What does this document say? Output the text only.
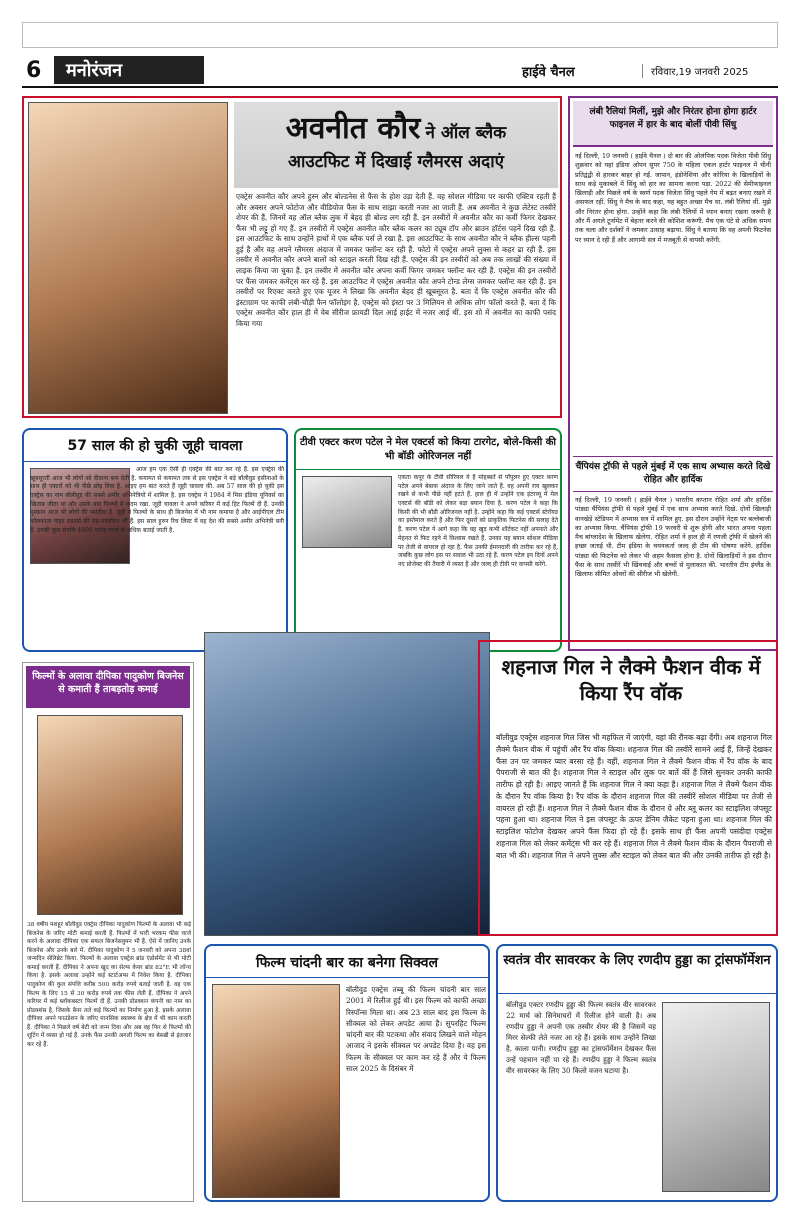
6	मनोरंजन	हाईवे चैनल	रविवार,19 जनवरी 2025
अवनीत कौर ने ऑल ब्लैक
आउटफिट में दिखाई ग्लैमरस अदाएं
एक्ट्रेस अवनीत कौर अपने हुस्न और बोल्डनेस से फैंस के होश उड़ा देती हैं. वह सोशल मीडिया पर काफी एक्टिव रहती हैं और अक्सर अपने फोटोज और वीडियोज फैंस के साथ साझा करती नजर आ जाती हैं. अब अवनीत ने कुछ लेटेस्ट तस्वीरें शेयर की हैं, जिनमें वह ऑल ब्लैक लुक में बेहद ही बोल्ड लग रही हैं. इन तस्वीरों में अवनीत कौर का कर्वी फिगर देखकर फैंस भी लट्टू हो गए हैं. इन तस्वीरों में एक्ट्रेस अवनीत कौर ब्लैक कलर का ट्यूब टॉप और ब्राउन हॉर्टस पहनें दिख रही हैं. इस आउटफिट के साथ उन्होंने हाथों में एक ब्लैक पर्स ले रखा है. इस आउटफिट के साथ अवनीत कौर ने ब्लैक हील्स पहनी हुई है और वह अपने ग्लैमरस अंदाज में जमकर फ्लॉन्ट कर रही हैं. फोटो में एक्ट्रेस अपने लुक्स से कहर ढा रही हैं. इस तस्वीर में अवनीत कौर अपने बालों को स्टाइल करती दिख रही हैं. एक्ट्रेस की इन तस्वीरों को अब तक लाखों की संख्या में लाइक किया जा चुका है. इन तस्वीर में अवनीत कौर अपना कर्वी फिगर जमकर फ्लॉन्ट कर रही हैं. एक्ट्रेस की इन तस्वीरों पर फैंस जमकर कमेंट्स कर रहे हैं. इस आउटफिट में एक्ट्रेस अवनीत कौर अपने टोन्ड लेग्स जमकर फ्लॉन्ट कर रही हैं. इन तस्वीरों पर रिएक्ट करते हुए एक यूजर ने लिखा कि अवनीत बेहद ही खूबसूरत है. बता दें कि एक्ट्रेस अवनीत कौर की इंस्टाग्राम पर काफी लंबी-चौड़ी फैन फॉलोइंग है. एक्ट्रेस को इंस्टा पर 3 मिलियन से अधिक लोग फॉलो करते हैं. बता दें कि एक्ट्रेस अवनीत कौर हाल ही में वेब सीरीज फ्रायडी दिल आई हाईट में नजर आई थीं. इस शो में अवनीत का काफी पसंद किया गया
लंबी रैलियां मिलीं, मुझे और निरंतर होना होगा हार्टर फाइनल में हार के बाद बोलीं पीवी सिंधु
नई दिल्ली, 19 जनवरी ( हाईवे चैनल ) दो बार की ओलंपिक पदक विजेता पीवी सिंधु शुक्रवार को यहां इंडिया ओपन सुपर 750 के महिला एकल हार्टर फाइनल में चीनी प्रतिद्वंद्वी से हारकर बाहर हो गईं. जापान, इंडोनेशिया और कोरिया के खिलाड़ियों के साथ कड़े मुकाबले में सिंधु को हार का सामना करना पड़ा. 2022 की सेमीफाइनल खिलाड़ी और पिछले वर्ष के स्वर्ण पदक विजेता सिंधु पहले गेम में बढ़त बनाए रखने में असफल रहीं. सिंधु ने मैच के बाद कहा, यह बहुत अच्छा मैच था. लंबी रैलियां थीं. मुझे और निरंतर होना होगा. उन्होंने कहा कि लंबी रैलियों में ध्यान बनाए रखना जरूरी है और मैं अगले टूर्नामेंट में बेहतर करने की कोशिश करूंगी. मैच एक घंटे से अधिक समय तक चला और दर्शकों ने जमकर उत्साह बढ़ाया. सिंधु ने बताया कि वह अपनी फिटनेस पर ध्यान दे रही हैं और आगामी सत्र में मजबूती से वापसी करेंगी.
चैंपियंस ट्रॉफी से पहले मुंबई में एक साथ अभ्यास करते दिखे रोहित और हार्दिक
नई दिल्ली, 19 जनवरी ( हाईवे चैनल ) भारतीय कप्तान रोहित शर्मा और हार्दिक पांड्या चैंपियंस ट्रॉफी से पहले मुंबई में एक साथ अभ्यास करते दिखे. दोनों खिलाड़ी वानखेड़े स्टेडियम में अभ्यास सत्र में शामिल हुए. इस दौरान उन्होंने नेट्स पर बल्लेबाजी का अभ्यास किया. चैंपियंस ट्रॉफी 19 फरवरी से शुरू होगी और भारत अपना पहला मैच बांग्लादेश के खिलाफ खेलेगा. रोहित शर्मा ने हाल ही में रणजी ट्रॉफी में खेलने की इच्छा जताई थी. टीम इंडिया के चयनकर्ता जल्द ही टीम की घोषणा करेंगे. हार्दिक पांड्या की फिटनेस को लेकर भी अहम फैसला होना है. दोनों खिलाड़ियों ने इस दौरान फैंस के साथ तस्वीरें भी खिंचवाईं और बच्चों से मुलाकात की. भारतीय टीम इंग्लैंड के खिलाफ सीमित ओवरों की सीरीज भी खेलेगी.
57 साल की हो चुकी जूही चावला
आज हम एक ऐसी ही एक्ट्रेस की बात कर रहे हैं. इस एक्ट्रेस की खूबसूरती आज भी लोगों को दीवाना बना देती है. कयामत से कयामत तक से इस एक्ट्रेस ने बड़े बॉलीवुड हसीनाओं के साथ ही एक्टरों को भी पीछे छोड़ दिया है. आइए हम बात करते हैं जूही चावला की. अब 57 साल की हो चुकी इस एक्ट्रेस का नाम बॉलीवुड की सबसे अमीर अभिनेत्रियों में शामिल है. इस एक्ट्रेस ने 1984 में मिस इंडिया यूनिवर्स का खिताब जीता था और उसके बाद फिल्मों में कदम रखा. जूही चावला ने अपने करियर में कई हिट फिल्में दी हैं. उनकी मुस्कान आज भी लोगों की पसंदीदा है. जूही ने फिल्मों के साथ ही बिजनेस में भी नाम कमाया है और आईपीएल टीम कोलकाता नाइट राइडर्स की सह-मालकिन भी हैं. इस साल हुरुन रिच लिस्ट में वह देश की सबसे अमीर अभिनेत्री बनी हैं. उनकी कुल संपत्ति 4600 करोड़ रुपये से अधिक बताई जाती है.
टीवी एक्टर करण पटेल ने मेल एक्टर्स को किया टारगेट, बोले-किसी की भी बॉडी ओरिजनल नहीं
एकता कपूर के टीवी सीरियल ये है मोहब्बतें से पॉपुलर हुए एक्टर करण पटेल अपने बेबाक अंदाज के लिए जाने जाते हैं. वह अपनी राय खुलकर रखने से कभी पीछे नहीं हटते हैं. हाल ही में उन्होंने एक इंटरव्यू में मेल एक्टर्स की बॉडी को लेकर बड़ा बयान दिया है. करण पटेल ने कहा कि किसी की भी बॉडी ओरिजनल नहीं है. उन्होंने कहा कि कई एक्टर्स स्टेरॉयड का इस्तेमाल करते हैं और फिर दूसरों को प्राकृतिक फिटनेस की सलाह देते हैं. करण पटेल ने आगे कहा कि वह खुद कभी शॉर्टकट नहीं अपनाते और मेहनत से फिट रहने में विश्वास रखते हैं. उनका यह बयान सोशल मीडिया पर तेजी से वायरल हो रहा है. फैंस उनकी ईमानदारी की तारीफ कर रहे हैं, जबकि कुछ लोग इस पर सवाल भी उठा रहे हैं. करण पटेल इन दिनों अपने नए प्रोजेक्ट की तैयारी में व्यस्त हैं और जल्द ही टीवी पर वापसी करेंगे.
फिल्मों के अलावा दीपिका पादुकोण बिजनेस से कमाती हैं ताबड़तोड़ कमाई
38 वर्षीय मशहूर बॉलीवुड एक्ट्रेस दीपिका पादुकोण फिल्मों के अलावा भी कई बिजनेस के जरिए मोटी कमाई करती हैं. फिल्मों में भारी भरकम फीस चार्ज करने के अलावा दीपिका एक सफल बिजनेसवुमन भी हैं. ऐसे में जानिए उनके बिजनेस और उनके बारे में. दीपिका पादुकोण ने 5 जनवरी को अपना 38वां जन्मदिन सेलिब्रेट किया. फिल्मों के अलावा एक्ट्रेस ब्रांड एंडोर्समेंट से भी मोटी कमाई करती हैं. दीपिका ने अपना खुद का सेल्फ केयर ब्रांड 82°E भी लॉन्च किया है. इसके अलावा उन्होंने कई स्टार्टअप्स में निवेश किया है. दीपिका पादुकोण की कुल संपत्ति करीब 500 करोड़ रुपये बताई जाती है. वह एक फिल्म के लिए 15 से 30 करोड़ रुपये तक फीस लेती हैं. दीपिका ने अपने करियर में कई ब्लॉकबस्टर फिल्में दी हैं. उनकी प्रोडक्शन कंपनी का नाम का प्रोडक्शंस है, जिसके बैनर तले कई फिल्मों का निर्माण हुआ है. इसके अलावा दीपिका अपने फाउंडेशन के जरिए मानसिक स्वास्थ्य के क्षेत्र में भी काम करती हैं. दीपिका ने पिछले वर्ष बेटी को जन्म दिया और अब वह फिर से फिल्मों की शूटिंग में व्यस्त हो गई हैं. उनके फैंस उनकी अगली फिल्म का बेसब्री से इंतजार कर रहे हैं.
शहनाज गिल ने लैक्मे फैशन वीक में किया रैंप वॉक
बॉलीवुड एक्ट्रेस शहनाज गिल जिस भी महफिल में जाएंगी, वहां की रौनक बढ़ा देंगी। अब शहनाज गिल लैक्मे फैशन वीक में पहुंचीं और रैंप वॉक किया। शहनाज गिल की तस्वीरें सामने आई हैं, जिन्हें देखकर फैंस उन पर जमकर प्यार बरसा रहे हैं। वहीं, शहनाज गिल ने लैक्मे फैशन वीक में रैंप वॉक के बाद पैपराजी से बात की है। शहनाज गिल ने स्टाइल और लुक पर बातें कीं हैं जिसे सुनकर उनकी काफी तारीफ हो रही है। आइए जानते हैं कि शहनाज गिल ने क्या कहा है। शहनाज गिल ने लैक्मे फैशन वीक के दौरान रैंप वॉक किया है। रैंप वॉक के दौरान शहनाज गिल की तस्वीरें सोशल मीडिया पर तेजी से वायरल हो रही हैं। शहनाज गिल ने लैक्मे फैशन वीक के दौरान ग्रे और ब्लू कलर का स्टाइलिश जंपसूट पहना हुआ था। शहनाज गिल ने इस जंपसूट के ऊपर डेनिम जैकेट पहना हुआ था। शहनाज गिल की स्टाइलिश फोटोज देखकर अपने फैंस फिदा हो रहे हैं। इसके साथ ही फैंस अपनी पसंदीदा एक्ट्रेस शहनाज गिल को लेकर कमेंट्स भी कर रहे हैं। शहनाज गिल ने लैक्मे फैशन वीक के दौरान पैपराजी से बात भी की। शहनाज गिल ने अपने लुक्स और स्टाइल को लेकर बात की और उनकी तारीफ हो रही है।
फिल्म चांदनी बार का बनेगा सिक्वल
बॉलीवुड एक्ट्रेस तब्बू की फिल्म चांदनी बार साल 2001 में रिलीज हुई थी। इस फिल्म को काफी अच्छा रिस्पॉन्स मिला था। अब 23 साल बाद इस फिल्म के सीक्वल को लेकर अपडेट आया है। सुपरहिट फिल्म चांदनी बार की पटकथा और संवाद लिखने वाले मोहन आजाद ने इसके सीक्वल पर अपडेट दिया है। वह इस फिल्म के सीक्वल पर काम कर रहे हैं और ये फिल्म साल 2025 के दिसंबर में
स्वतंत्र वीर सावरकर के लिए रणदीप हुड्डा का ट्रांसफॉर्मेशन
बॉलीवुड एक्टर रणदीप हुड्डा की फिल्म स्वतंत्र वीर सावरकर 22 मार्च को सिनेमाघरों में रिलीज होने वाली है। अब रणदीप हुड्डा ने अपनी एक तस्वीर शेयर की है जिसमें वह मिरर सेल्फी लेते नजर आ रहे हैं। इसके साथ उन्होंने लिखा है, काला पानी। रणदीप हुड्डा का ट्रांसफॉर्मेशन देखकर फैंस उन्हें पहचान नहीं पा रहे हैं। रणदीप हुड्डा ने फिल्म स्वतंत्र वीर सावरकर के लिए 30 किलो वजन घटाया है।
